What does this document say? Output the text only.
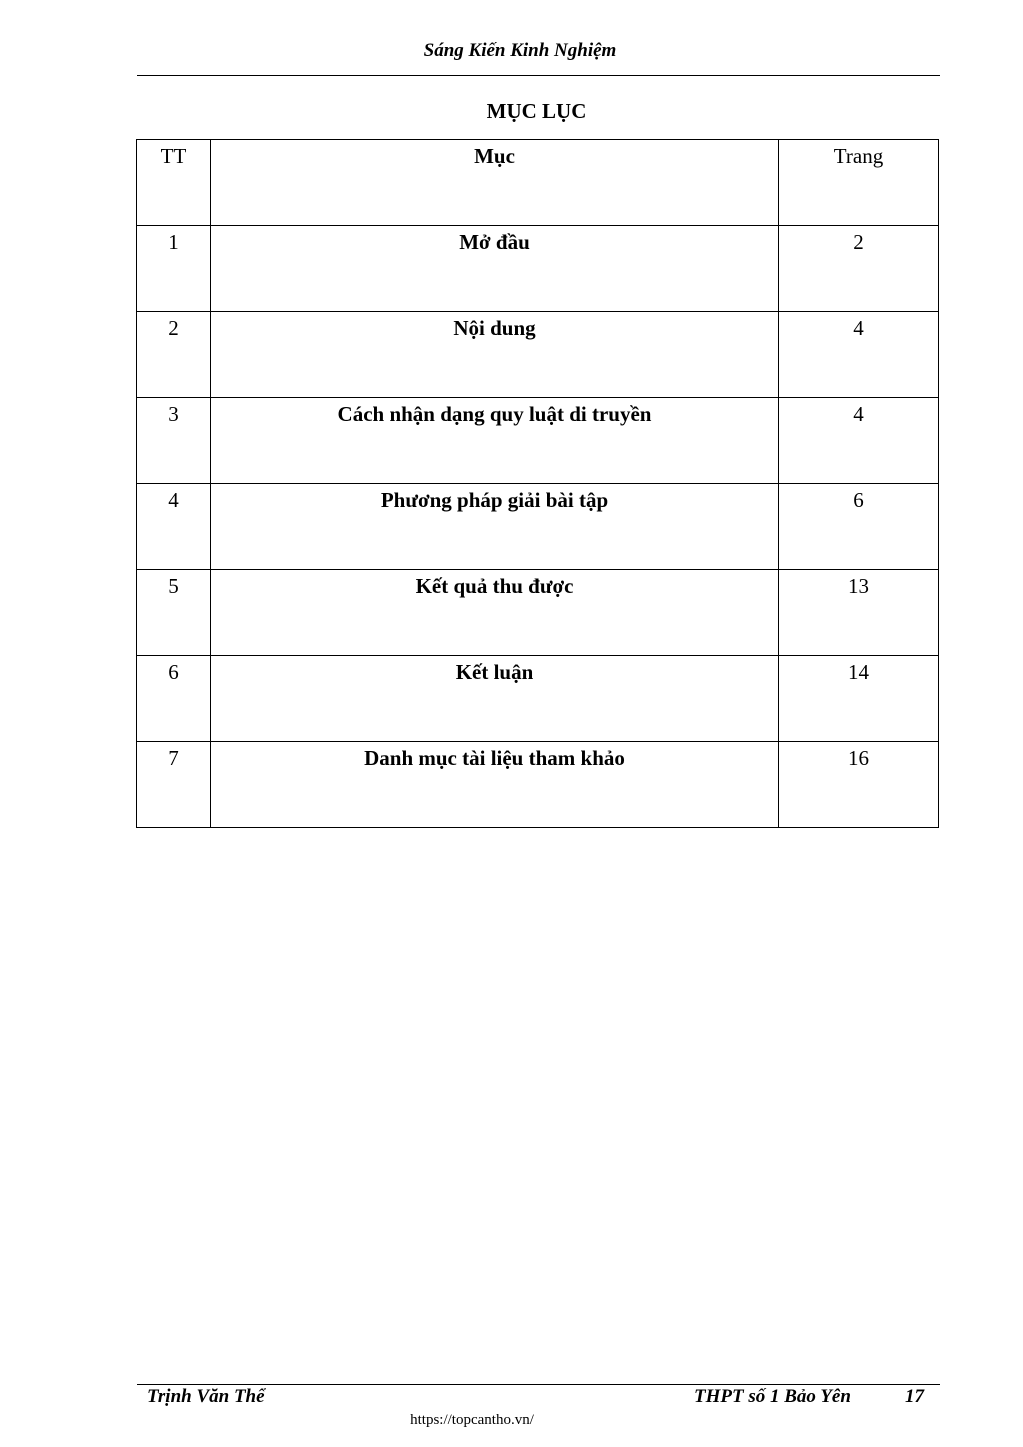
Sáng Kiến Kinh Nghiệm
MỤC LỤC
TT	Mục	Trang
1	Mở đầu	2
2	Nội dung	4
3	Cách nhận dạng quy luật di truyền	4
4	Phương pháp giải bài tập	6
5	Kết quả thu được	13
6	Kết luận	14
7	Danh mục tài liệu tham khảo	16
Trịnh Văn Thể	THPT số 1 Bảo Yên	17
https://topcantho.vn/
